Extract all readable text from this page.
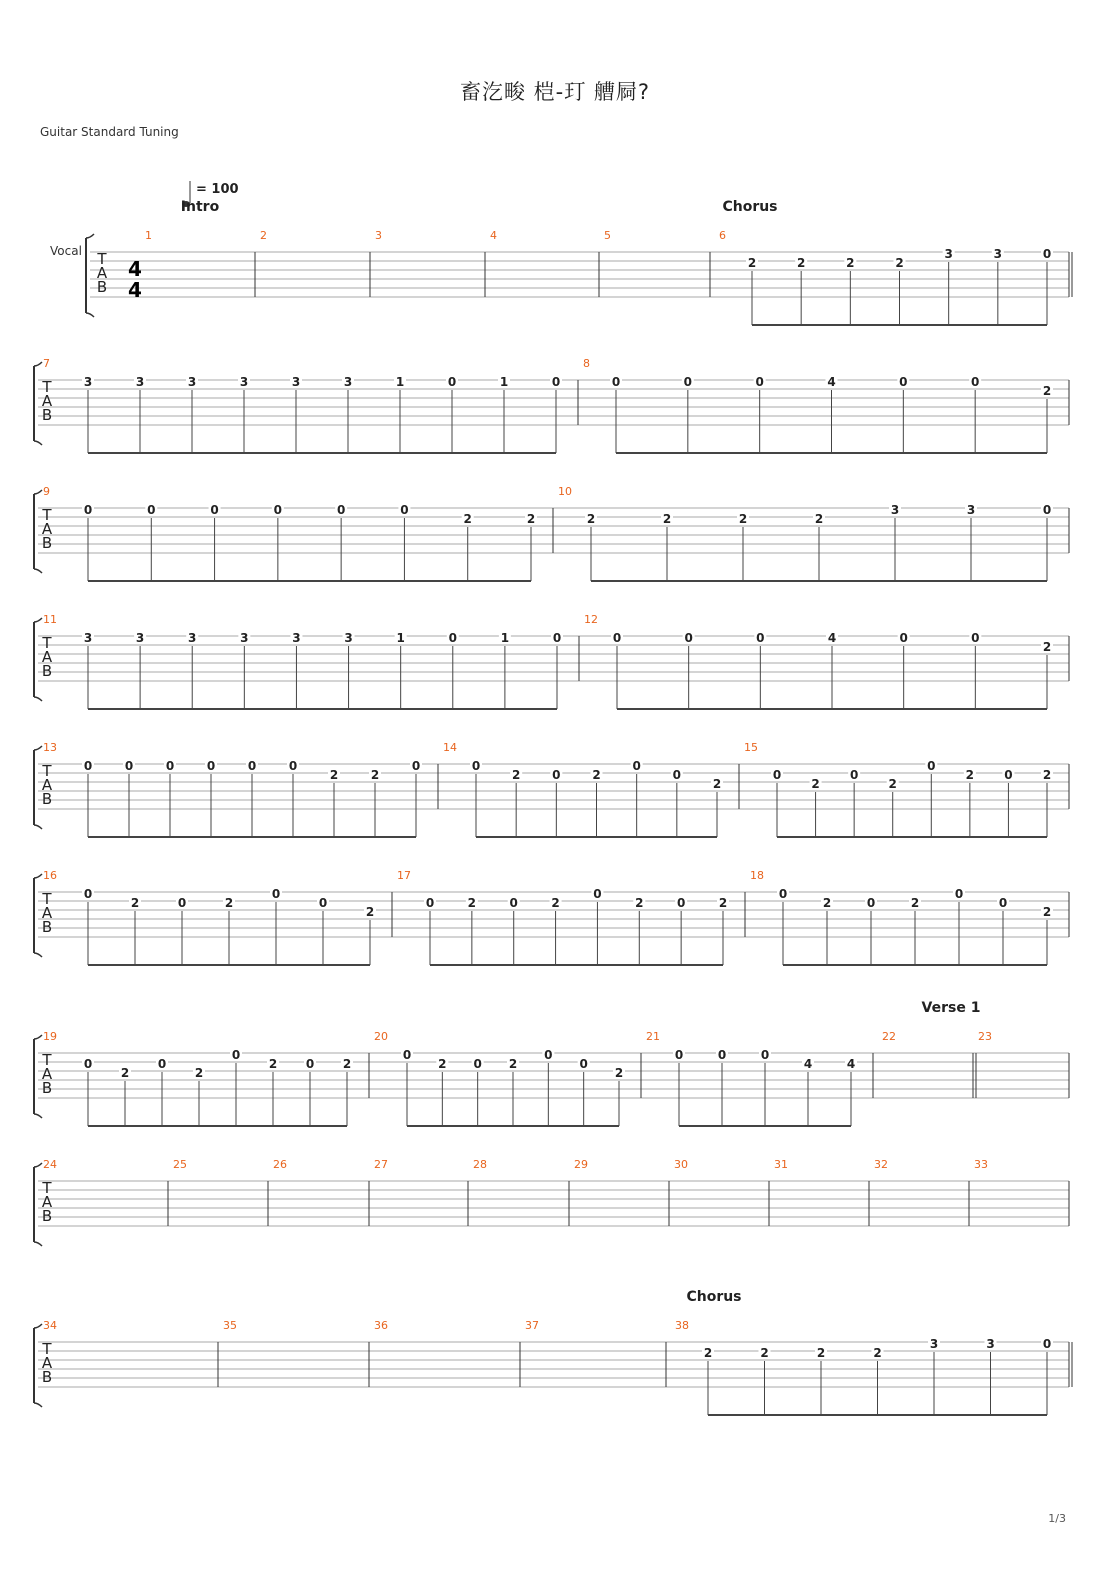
畜汔畯 桤-玎 艚屙?
Guitar Standard Tuning
Vocal
= 100
Intro	Chorus
Verse 1
Chorus
T
A
B
4
4
1	2	3	4	5	6
2	2	2	2
3	3	0
T
A
B
7
3	3	3	3	3	3	1	0	1	0
8
0	0	0	4	0	0
2
T
A
B
9
0	0	0	0	0	0
2	2
10
2	2	2	2
3	3	0
T
A
B
11
3	3	3	3	3	3	1	0	1	0
12
0	0	0	4	0	0
2
T
A
B
13
0	0	0	0	0	0
2	2
0
14
0
2	0	2
0
0
2
15
0
2
0
2
0
2	0	2
T
A
B
16
0
2	0	2
0
0
2
17
0	2	0	2
0
2	0	2
18
0
2	0	2
0
0
2
T
A
B
19
0
2
0
2
0
2 0 2
20
0
2 0 2
0
0
2
21
0	0	0
4	4
22	23
T
A
B
24	25	26	27	28	29	30	31	32	33
T
A
B
34	35	36	37	38
2	2	2	2
3	3	0
1/3
